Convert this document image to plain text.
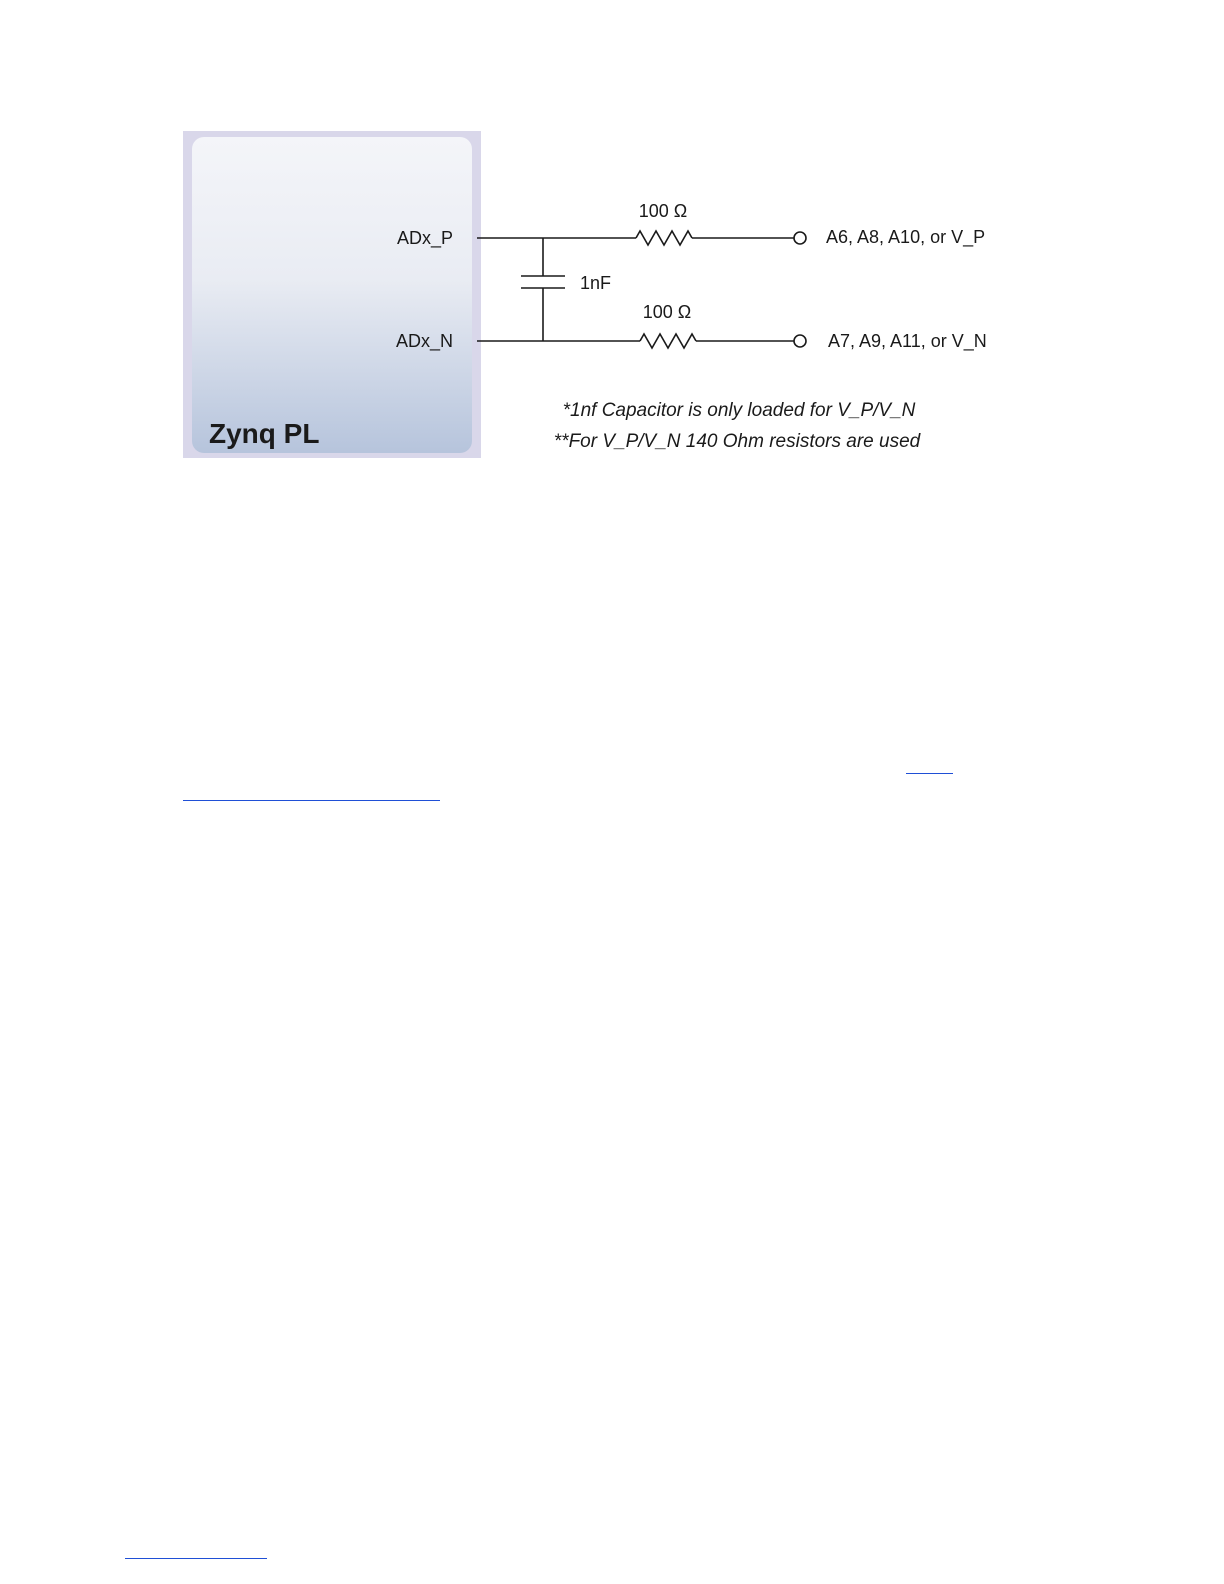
Zynq PL
ADx_P
ADx_N
100 Ω
100 Ω
1nF
A6, A8, A10, or V_P
A7, A9, A11, or V_N
*1nf Capacitor is only loaded for V_P/V_N
**For V_P/V_N 140 Ohm resistors are used
